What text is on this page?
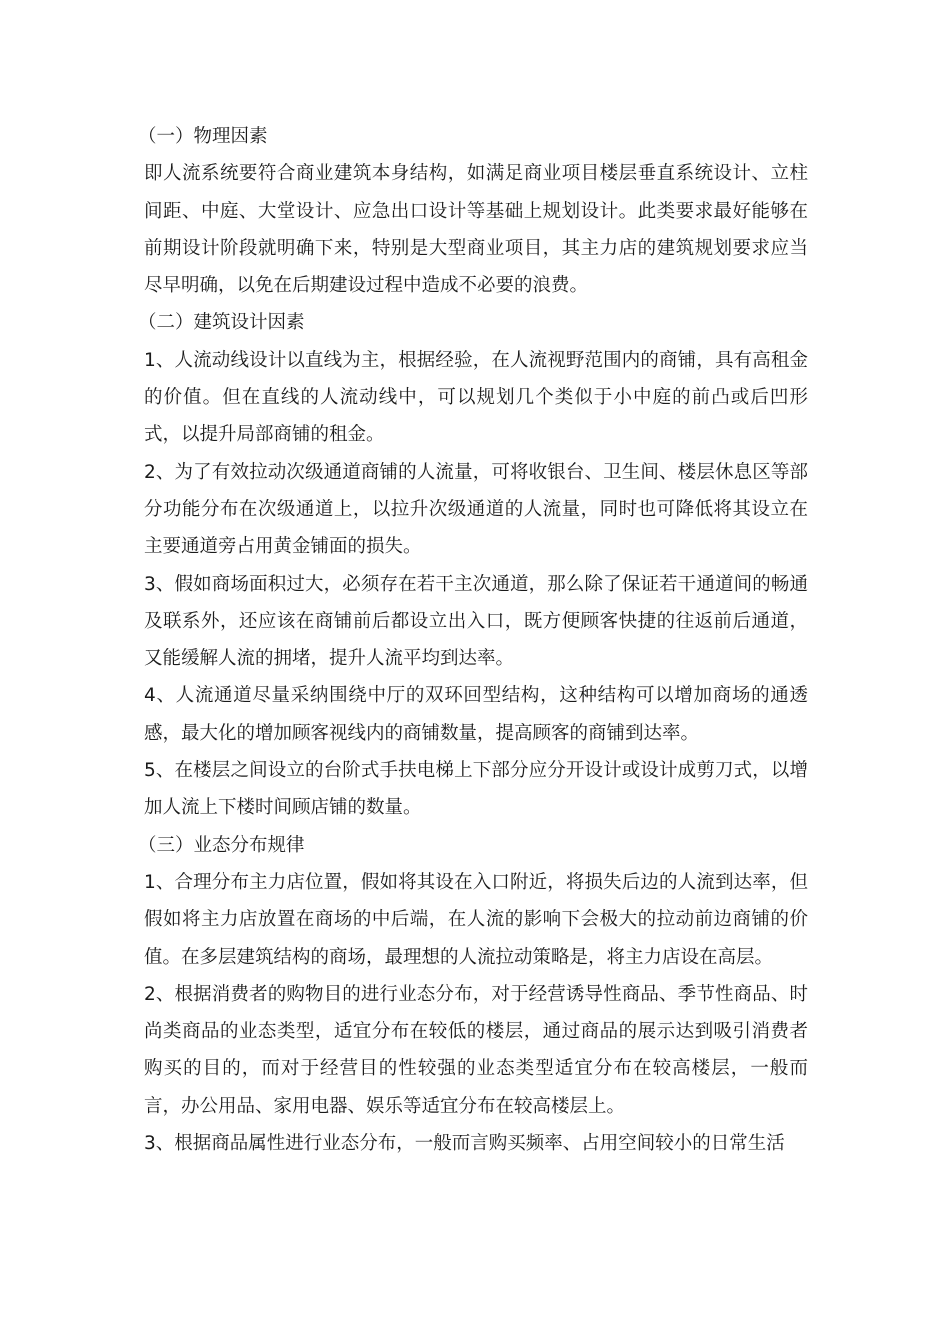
（一）物理因素

即人流系统要符合商业建筑本身结构，如满足商业项目楼层垂直系统设计、立柱间距、中庭、大堂设计、应急出口设计等基础上规划设计。此类要求最好能够在前期设计阶段就明确下来，特别是大型商业项目，其主力店的建筑规划要求应当尽早明确，以免在后期建设过程中造成不必要的浪费。

（二）建筑设计因素

1、人流动线设计以直线为主，根据经验，在人流视野范围内的商铺，具有高租金的价值。但在直线的人流动线中，可以规划几个类似于小中庭的前凸或后凹形式，以提升局部商铺的租金。

2、为了有效拉动次级通道商铺的人流量，可将收银台、卫生间、楼层休息区等部分功能分布在次级通道上，以拉升次级通道的人流量，同时也可降低将其设立在主要通道旁占用黄金铺面的损失。

3、假如商场面积过大，必须存在若干主次通道，那么除了保证若干通道间的畅通及联系外，还应该在商铺前后都设立出入口，既方便顾客快捷的往返前后通道，又能缓解人流的拥堵，提升人流平均到达率。

4、人流通道尽量采纳围绕中厅的双环回型结构，这种结构可以增加商场的通透感，最大化的增加顾客视线内的商铺数量，提高顾客的商铺到达率。

5、在楼层之间设立的台阶式手扶电梯上下部分应分开设计或设计成剪刀式，以增加人流上下楼时间顾店铺的数量。

（三）业态分布规律

1、合理分布主力店位置，假如将其设在入口附近，将损失后边的人流到达率，但假如将主力店放置在商场的中后端，在人流的影响下会极大的拉动前边商铺的价值。在多层建筑结构的商场，最理想的人流拉动策略是，将主力店设在高层。

2、根据消费者的购物目的进行业态分布，对于经营诱导性商品、季节性商品、时尚类商品的业态类型，适宜分布在较低的楼层，通过商品的展示达到吸引消费者购买的目的，而对于经营目的性较强的业态类型适宜分布在较高楼层，一般而言，办公用品、家用电器、娱乐等适宜分布在较高楼层上。

3、根据商品属性进行业态分布，一般而言购买频率、占用空间较小的日常生活
